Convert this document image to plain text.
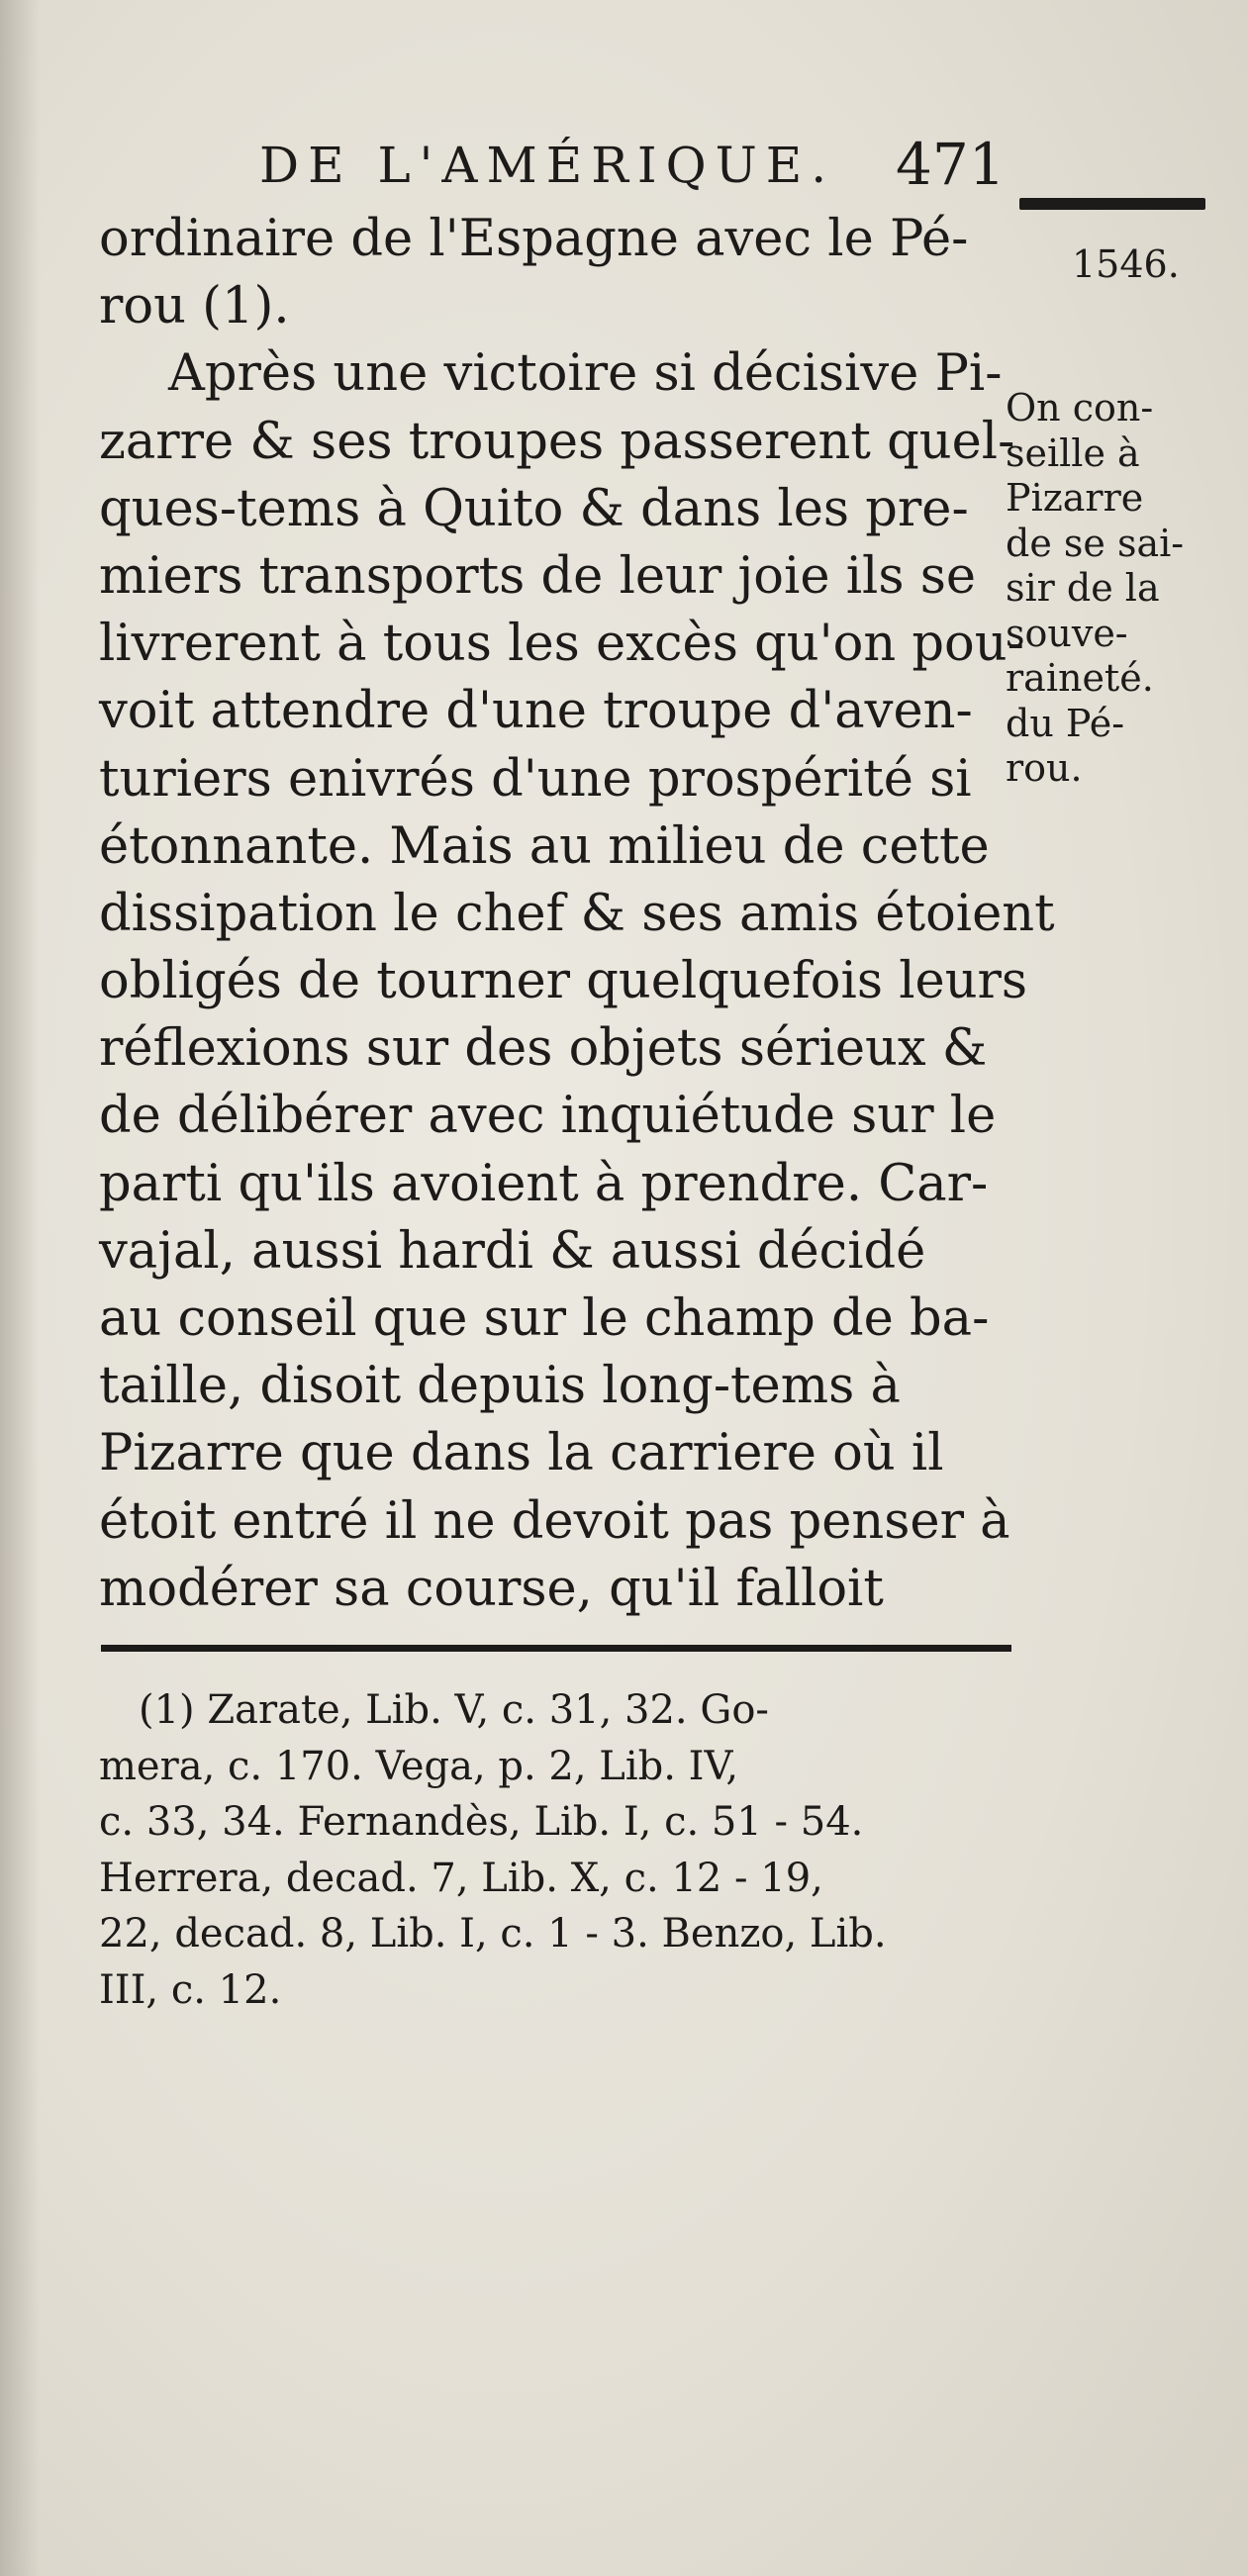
DE L'AMÉRIQUE. 471
1546.
ordinaire de l'Espagne avec le Pé-
rou (1).
Après une victoire si décisive Pi-
zarre & ses troupes passerent quel-
ques-tems à Quito & dans les pre-
miers transports de leur joie ils se
livrerent à tous les excès qu'on pou-
voit attendre d'une troupe d'aven-
turiers enivrés d'une prospérité si
étonnante. Mais au milieu de cette
dissipation le chef & ses amis étoient
obligés de tourner quelquefois leurs
réflexions sur des objets sérieux &
de délibérer avec inquiétude sur le
parti qu'ils avoient à prendre. Car-
vajal, aussi hardi & aussi décidé
au conseil que sur le champ de ba-
taille, disoit depuis long-tems à
Pizarre que dans la carriere où il
étoit entré il ne devoit pas penser à
modérer sa course, qu'il falloit
On con-
seille à
Pizarre
de se sai-
sir de la
souve-
raineté.
du Pé-
rou.
(1) Zarate, Lib. V, c. 31, 32. Go-
mera, c. 170. Vega, p. 2, Lib. IV,
c. 33, 34. Fernandès, Lib. I, c. 51 - 54.
Herrera, decad. 7, Lib. X, c. 12 - 19,
22, decad. 8, Lib. I, c. 1 - 3. Benzo, Lib.
III, c. 12.
